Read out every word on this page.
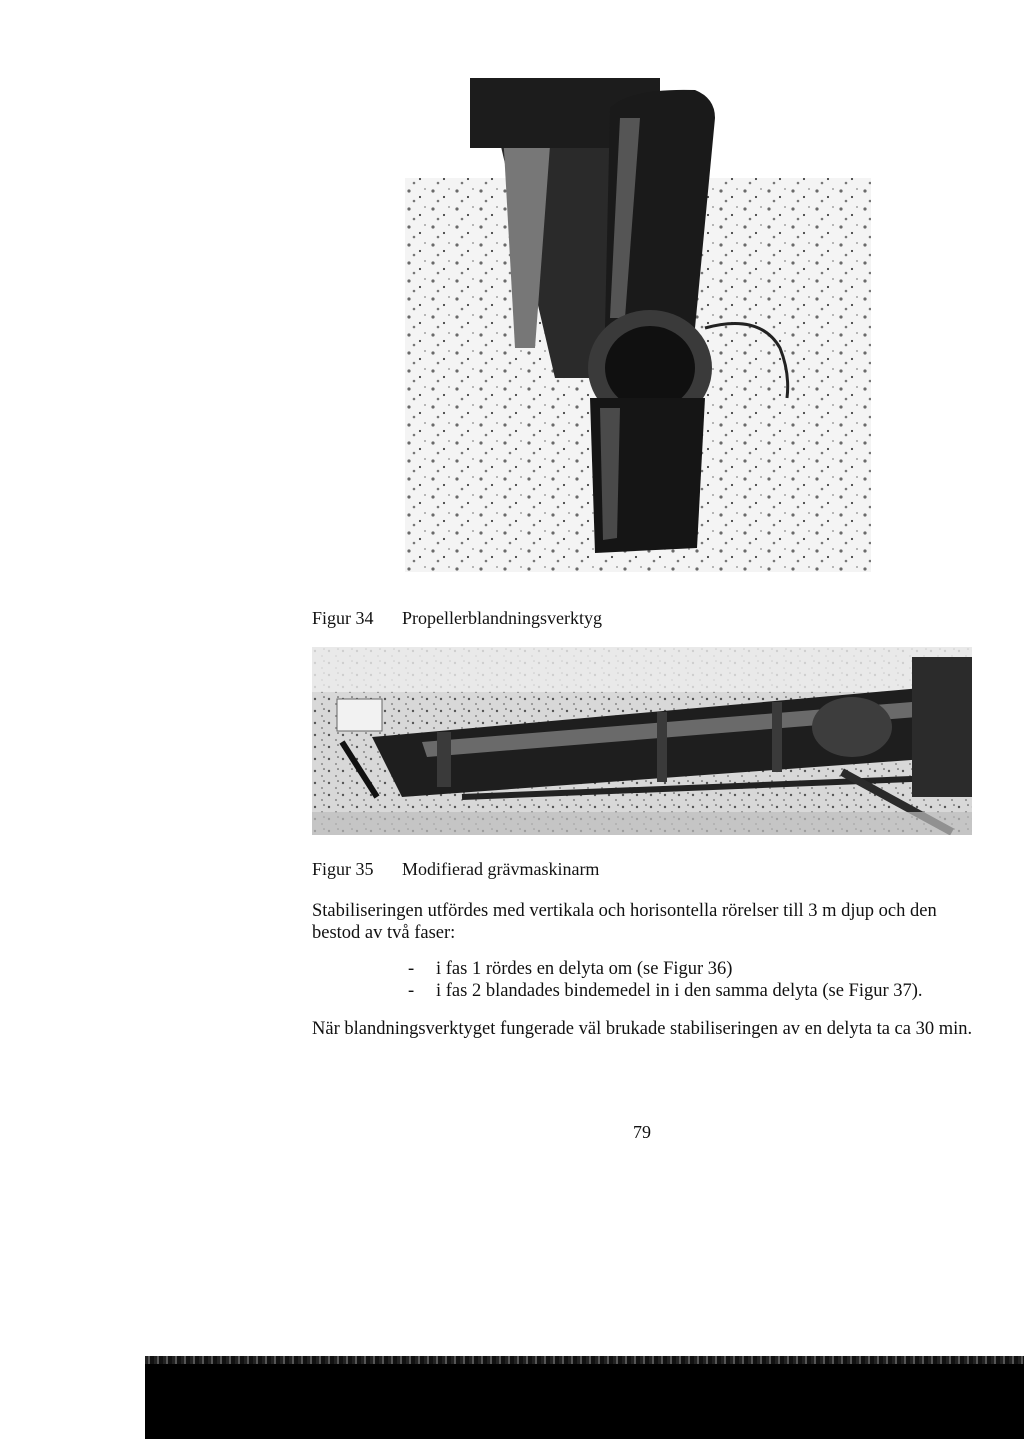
Figur 34 Propellerblandningsverktyg
Figur 35 Modifierad grävmaskinarm

Stabiliseringen utfördes med vertikala och horisontella rörelser till 3 m djup och den bestod av två faser:

- i fas 1 rördes en delyta om (se Figur 36)
- i fas 2 blandades bindemedel in i den samma delyta (se Figur 37).

När blandningsverktyget fungerade väl brukade stabiliseringen av en delyta ta ca 30 min.

79
